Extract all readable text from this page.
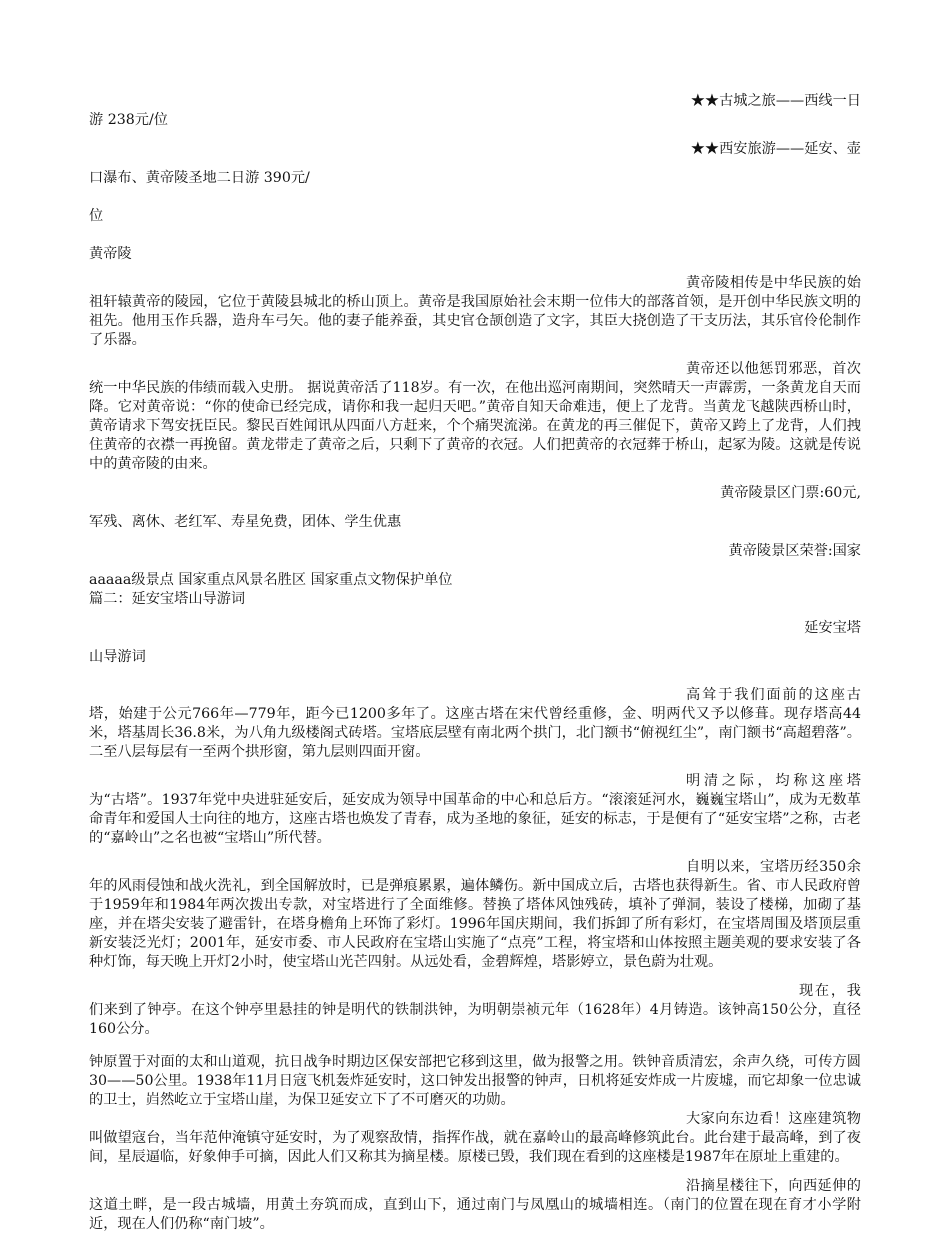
★★古城之旅——西线一日

游 238元/位

★★西安旅游——延安、壶

口瀑布、黄帝陵圣地二日游 390元/

位

黄帝陵

黄帝陵相传是中华民族的始祖轩辕黄帝的陵园，它位于黄陵县城北的桥山顶上。黄帝是我国原始社会末期一位伟大的部落首领，是开创中华民族文明的祖先。他用玉作兵器，造舟车弓矢。他的妻子能养蚕，其史官仓颉创造了文字，其臣大挠创造了干支历法，其乐官伶伦制作了乐器。

黄帝还以他惩罚邪恶，首次统一中华民族的伟绩而载入史册。 据说黄帝活了118岁。有一次，在他出巡河南期间，突然晴天一声霹雳，一条黄龙自天而降。它对黄帝说：“你的使命已经完成，请你和我一起归天吧。”黄帝自知天命难违，便上了龙背。当黄龙飞越陕西桥山时，黄帝请求下驾安抚臣民。黎民百姓闻讯从四面八方赶来，个个痛哭流涕。在黄龙的再三催促下，黄帝又跨上了龙背，人们拽住黄帝的衣襟一再挽留。黄龙带走了黄帝之后，只剩下了黄帝的衣冠。人们把黄帝的衣冠葬于桥山，起冢为陵。这就是传说中的黄帝陵的由来。

黄帝陵景区门票:60元,

军残、离休、老红军、寿星免费，团体、学生优惠

黄帝陵景区荣誉:国家

aaaaa级景点 国家重点风景名胜区 国家重点文物保护单位

篇二：延安宝塔山导游词

延安宝塔

山导游词

高耸于我们面前的这座古塔，始建于公元766年—779年，距今已1200多年了。这座古塔在宋代曾经重修，金、明两代又予以修葺。现存塔高44米，塔基周长36.8米，为八角九级楼阁式砖塔。宝塔底层壁有南北两个拱门，北门额书“俯视红尘”，南门额书“高超碧落”。二至八层每层有一至两个拱形窗，第九层则四面开窗。

明清之际，均称这座塔为“古塔”。1937年党中央进驻延安后，延安成为领导中国革命的中心和总后方。“滚滚延河水，巍巍宝塔山”，成为无数革命青年和爱国人士向往的地方，这座古塔也焕发了青春，成为圣地的象征，延安的标志，于是便有了“延安宝塔”之称，古老的“嘉岭山”之名也被“宝塔山”所代替。

自明以来，宝塔历经350余年的风雨侵蚀和战火洗礼，到全国解放时，已是弹痕累累，遍体鳞伤。新中国成立后，古塔也获得新生。省、市人民政府曾于1959年和1984年两次拨出专款，对宝塔进行了全面维修。替换了塔体风蚀残砖，填补了弹洞，装设了楼梯，加砌了基座，并在塔尖安装了避雷针，在塔身檐角上环饰了彩灯。1996年国庆期间，我们拆卸了所有彩灯，在宝塔周围及塔顶层重新安装泛光灯；2001年，延安市委、市人民政府在宝塔山实施了“点亮”工程，将宝塔和山体按照主题美观的要求安装了各种灯饰，每天晚上开灯2小时，使宝塔山光芒四射。从远处看，金碧辉煌，塔影婷立，景色蔚为壮观。

现在，我们来到了钟亭。在这个钟亭里悬挂的钟是明代的铁制洪钟，为明朝崇祯元年（1628年）4月铸造。该钟高150公分，直径160公分。

钟原置于对面的太和山道观，抗日战争时期边区保安部把它移到这里，做为报警之用。铁钟音质清宏，余声久绕，可传方圆30——50公里。1938年11月日寇飞机轰炸延安时，这口钟发出报警的钟声，日机将延安炸成一片废墟，而它却象一位忠诚的卫士，岿然屹立于宝塔山崖，为保卫延安立下了不可磨灭的功勋。

大家向东边看！这座建筑物叫做望寇台，当年范仲淹镇守延安时，为了观察敌情，指挥作战，就在嘉岭山的最高峰修筑此台。此台建于最高峰，到了夜间，星辰逼临，好象伸手可摘，因此人们又称其为摘星楼。原楼已毁，我们现在看到的这座楼是1987年在原址上重建的。

沿摘星楼往下，向西延伸的这道土畔，是一段古城墙，用黄土夯筑而成，直到山下，通过南门与凤凰山的城墙相连。（南门的位置在现在育才小学附近，现在人们仍称“南门坡”。
